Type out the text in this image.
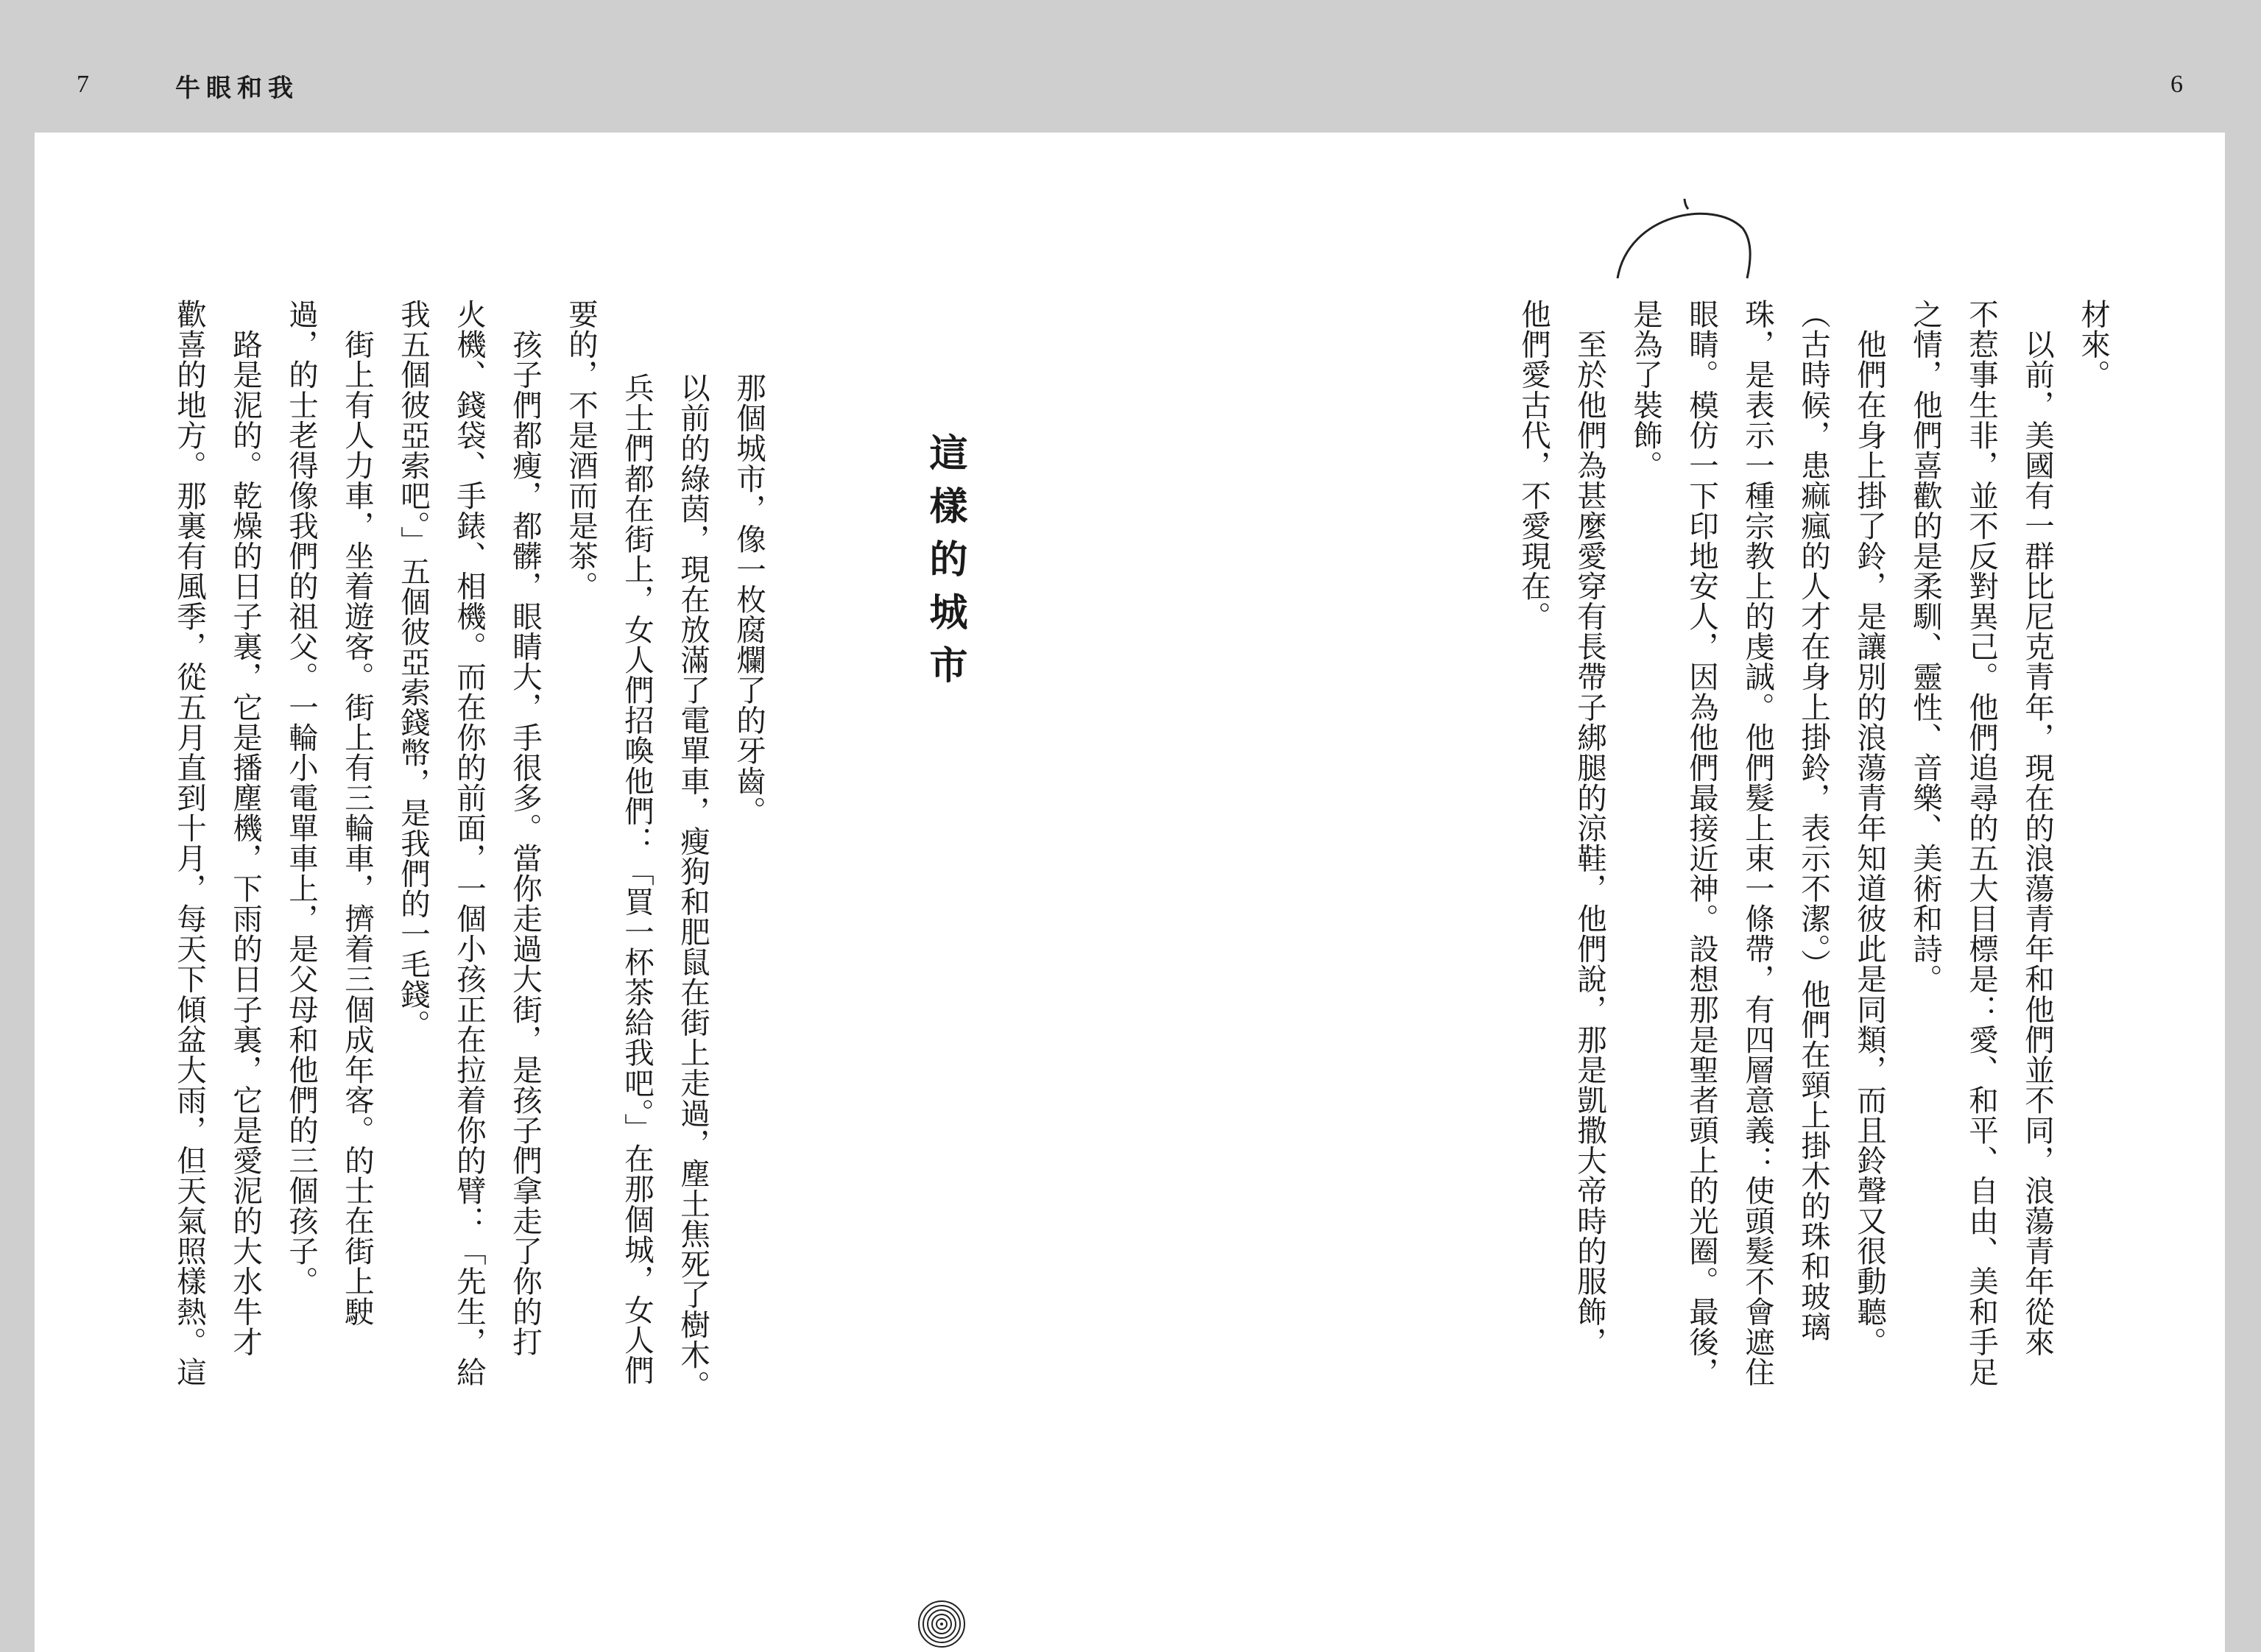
7	牛眼和我	6
材來。
　以前，美國有一群比尼克青年，現在的浪蕩青年和他們並不同，浪蕩青年從來
不惹事生非，並不反對異己。他們追尋的五大目標是：愛、和平、自由、美和手足
之情，他們喜歡的是柔馴、靈性、音樂、美術和詩。
　他們在身上掛了鈴，是讓別的浪蕩青年知道彼此是同類，而且鈴聲又很動聽。
（古時候，患痲瘋的人才在身上掛鈴，表示不潔。）他們在頸上掛木的珠和玻璃
珠，是表示一種宗教上的虔誠。他們髮上束一條帶，有四層意義：使頭髮不會遮住
眼睛。模仿一下印地安人，因為他們最接近神。設想那是聖者頭上的光圈。最後，
是為了裝飾。
　至於他們為甚麼愛穿有長帶子綁腿的涼鞋，他們說，那是凱撒大帝時的服飾，
他們愛古代，不愛現在。
這樣的城市
那個城市，像一枚腐爛了的牙齒。
以前的綠茵，現在放滿了電單車，瘦狗和肥鼠在街上走過，塵土焦死了樹木。
兵士們都在街上，女人們招喚他們：「買一杯茶給我吧。」在那個城，女人們
要的，不是酒而是茶。
　孩子們都瘦，都髒，眼睛大，手很多。當你走過大街，是孩子們拿走了你的打
火機、錢袋、手錶、相機。而在你的前面，一個小孩正在拉着你的臂：「先生，給
我五個彼亞索吧。」五個彼亞索錢幣，是我們的一毛錢。
　街上有人力車，坐着遊客。街上有三輪車，擠着三個成年客。的士在街上駛
過，的士老得像我們的祖父。一輪小電單車上，是父母和他們的三個孩子。
　路是泥的。乾燥的日子裏，它是播塵機，下雨的日子裏，它是愛泥的大水牛才
歡喜的地方。那裏有風季，從五月直到十月，每天下傾盆大雨，但天氣照樣熱。這
